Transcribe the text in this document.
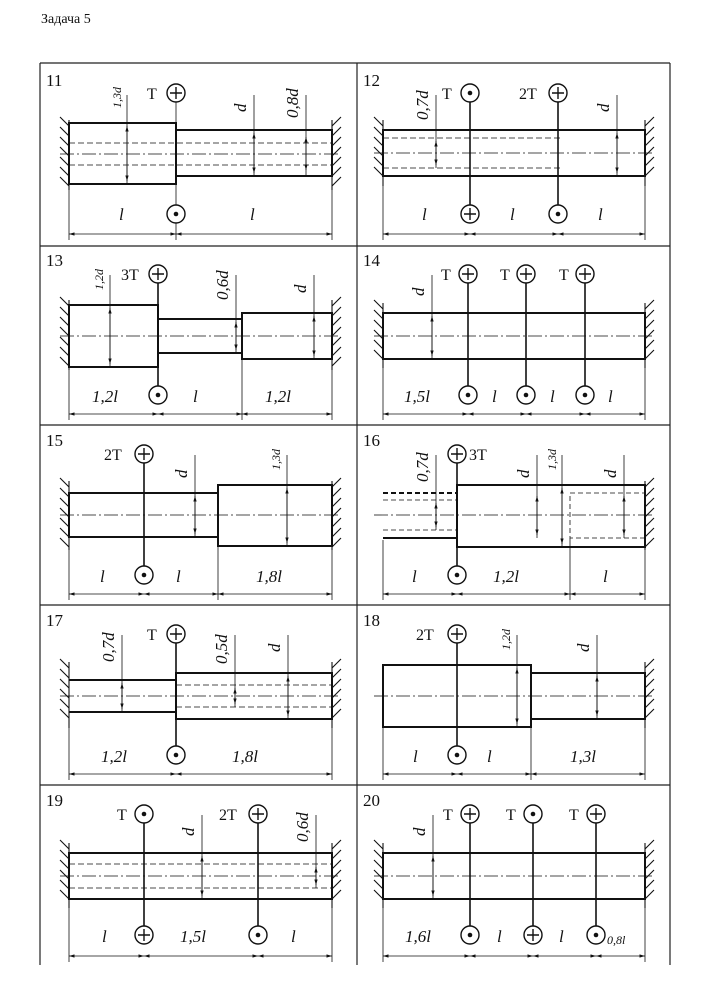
Задача 5
11
T
1,3d	d 0,8d
l	l
12
T	2T
0,7d	d
l	l	l
13
3T
1,2d	0,6d	d
1,2l	l	1,2l
14
T	T	T
d
1,5l	l	l	l
15
2T
d
1,3d
l	l	1,8l
16
3T
0,7d	d
1,3d
d
l	1,2l	l
17
T
0,7d	0,5d d
1,2l	1,8l
18
2T	1,2d	d
l	l	1,3l
19
T	2T
d	0,6d
l	1,5l	l
20
T	T	T
d
1,6l	l	l	0,8l
